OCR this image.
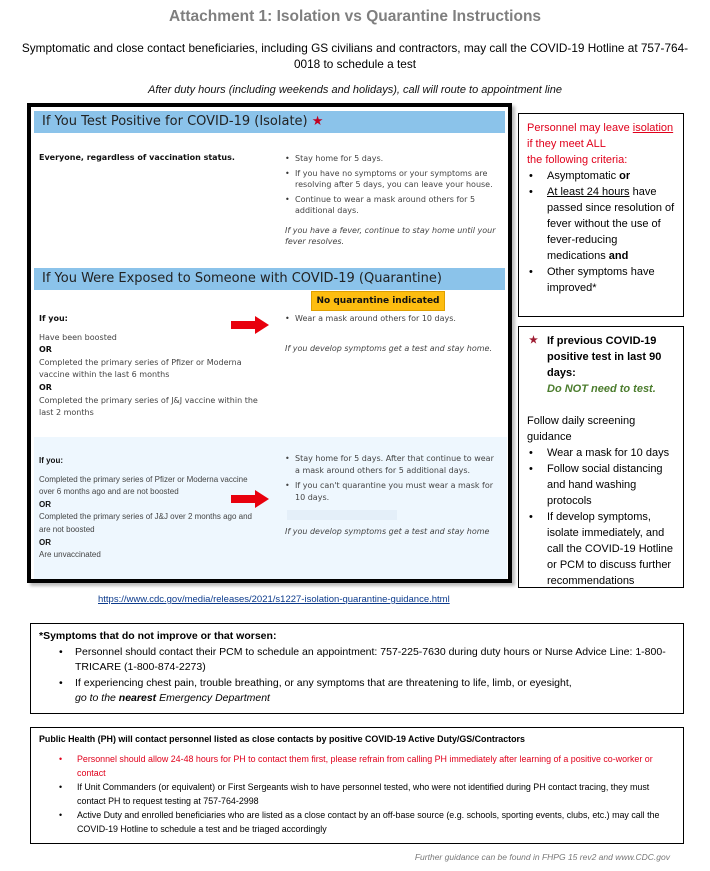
Attachment 1: Isolation vs Quarantine Instructions
Symptomatic and close contact beneficiaries, including GS civilians and contractors, may call the COVID-19 Hotline at 757-764-0018 to schedule a test
After duty hours (including weekends and holidays), call will route to appointment line
If You Test Positive for COVID-19 (Isolate) ★
Everyone, regardless of vaccination status.	• Stay home for 5 days.
• If you have no symptoms or your symptoms are resolving after 5 days, you can leave your house.
• Continue to wear a mask around others for 5 additional days.
If you have a fever, continue to stay home until your fever resolves.
If You Were Exposed to Someone with COVID-19 (Quarantine)
No quarantine indicated
If you:
Have been boosted
OR
Completed the primary series of Pfizer or Moderna vaccine within the last 6 months
OR
Completed the primary series of J&J vaccine within the last 2 months
• Wear a mask around others for 10 days.
If you develop symptoms get a test and stay home.
If you:
Completed the primary series of Pfizer or Moderna vaccine over 6 months ago and are not boosted
OR
Completed the primary series of J&J over 2 months ago and are not boosted
OR
Are unvaccinated
• Stay home for 5 days. After that continue to wear a mask around others for 5 additional days.
• If you can't quarantine you must wear a mask for 10 days.
If you develop symptoms get a test and stay home
https://www.cdc.gov/media/releases/2021/s1227-isolation-quarantine-guidance.html
Personnel may leave isolation
if they meet ALL
the following criteria:
• Asymptomatic or
• At least 24 hours have passed since resolution of fever without the use of fever-reducing medications and
• Other symptoms have improved*
★ If previous COVID-19 positive test in last 90 days:
Do NOT need to test.
Follow daily screening guidance
• Wear a mask for 10 days
• Follow social distancing and hand washing protocols
• If develop symptoms, isolate immediately, and call the COVID-19 Hotline or PCM to discuss further recommendations
*Symptoms that do not improve or that worsen:
• Personnel should contact their PCM to schedule an appointment: 757-225-7630 during duty hours or Nurse Advice Line: 1-800-TRICARE (1-800-874-2273)
• If experiencing chest pain, trouble breathing, or any symptoms that are threatening to life, limb, or eyesight,
go to the nearest Emergency Department
Public Health (PH) will contact personnel listed as close contacts by positive COVID-19 Active Duty/GS/Contractors
• Personnel should allow 24-48 hours for PH to contact them first, please refrain from calling PH immediately after learning of a positive co-worker or contact
• If Unit Commanders (or equivalent) or First Sergeants wish to have personnel tested, who were not identified during PH contact tracing, they must contact PH to request testing at 757-764-2998
• Active Duty and enrolled beneficiaries who are listed as a close contact by an off-base source (e.g. schools, sporting events, clubs, etc.) may call the COVID-19 Hotline to schedule a test and be triaged accordingly
Further guidance can be found in FHPG 15 rev2 and www.CDC.gov
